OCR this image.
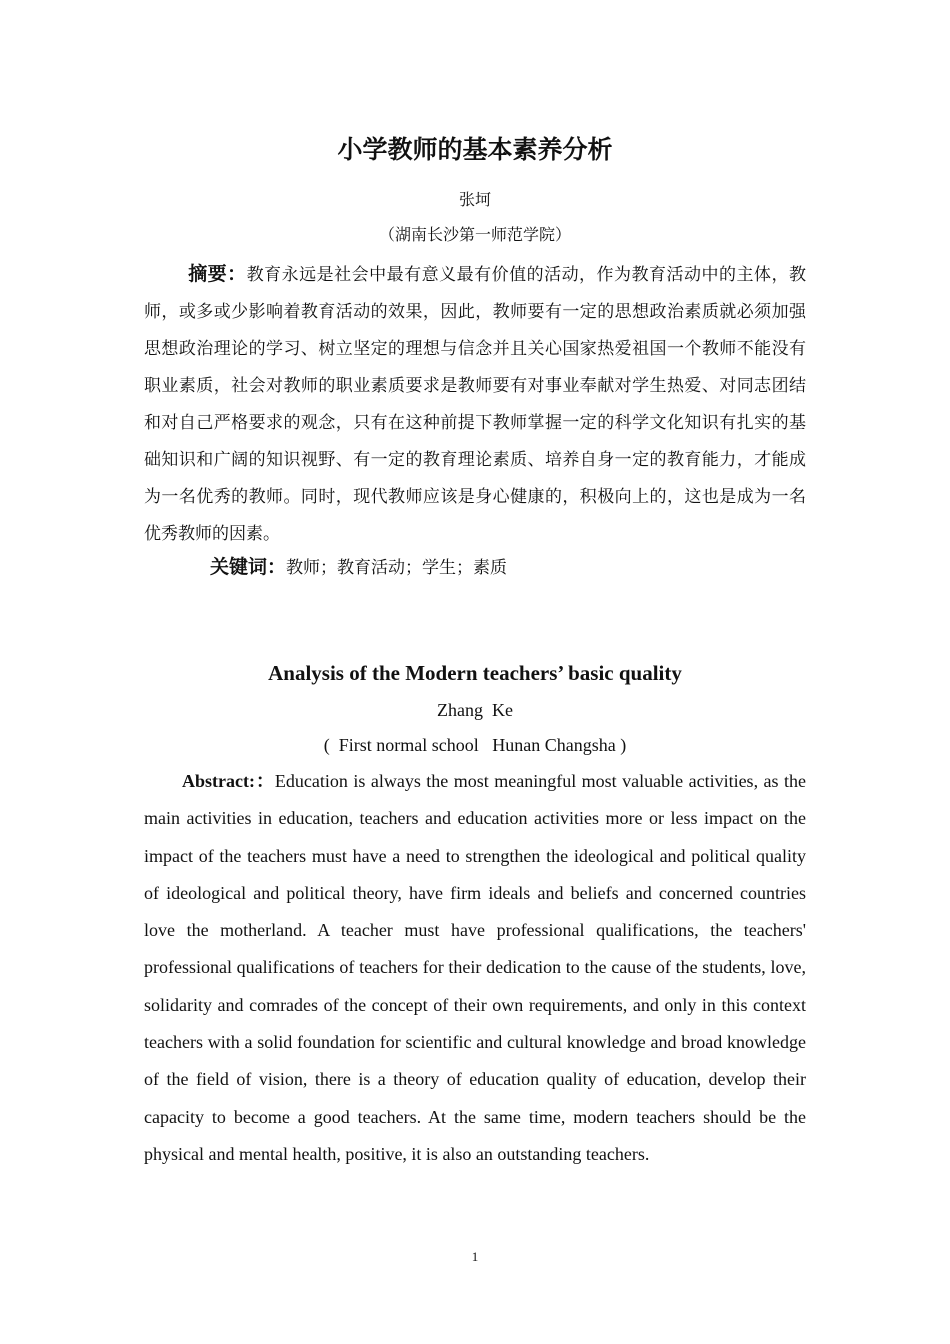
小学教师的基本素养分析
张坷
（湖南长沙第一师范学院）

摘要：教育永远是社会中最有意义最有价值的活动，作为教育活动中的主体，教师，或多或少影响着教育活动的效果，因此，教师要有一定的思想政治素质就必须加强思想政治理论的学习、树立坚定的理想与信念并且关心国家热爱祖国一个教师不能没有职业素质，社会对教师的职业素质要求是教师要有对事业奉献对学生热爱、对同志团结和对自己严格要求的观念，只有在这种前提下教师掌握一定的科学文化知识有扎实的基础知识和广阔的知识视野、有一定的教育理论素质、培养自身一定的教育能力，才能成为一名优秀的教师。同时，现代教师应该是身心健康的，积极向上的，这也是成为一名优秀教师的因素。

关键词：教师；教育活动；学生；素质

Analysis of the Modern teachers’ basic quality
Zhang  Ke
(  First normal school   Hunan Changsha )

Abstract:：Education is always the most meaningful most valuable activities, as the main activities in education, teachers and education activities more or less impact on the impact of the teachers must have a need to strengthen the ideological and political quality of ideological and political theory, have firm ideals and beliefs and concerned countries love the motherland. A teacher must have professional qualifications, the teachers' professional qualifications of teachers for their dedication to the cause of the students, love, solidarity and comrades of the concept of their own requirements, and only in this context teachers with a solid foundation for scientific and cultural knowledge and broad knowledge of the field of vision, there is a theory of education quality of education, develop their capacity to become a good teachers. At the same time, modern teachers should be the physical and mental health, positive, it is also an outstanding teachers.

1
